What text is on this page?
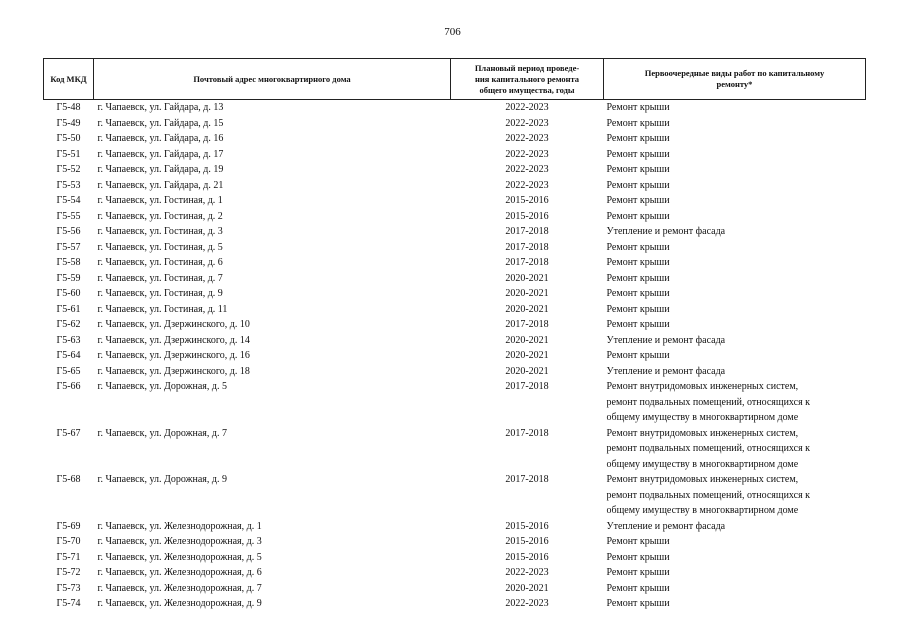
706
Код МКД	Почтовый адрес многоквартирного дома	Плановый период проведе-
ния капитального ремонта
общего имущества, годы	Первоочередные виды работ по капитальному
ремонту*

Г5-48	г. Чапаевск, ул. Гайдара, д. 13	2022-2023	Ремонт крыши

Г5-49	г. Чапаевск, ул. Гайдара, д. 15	2022-2023	Ремонт крыши

Г5-50	г. Чапаевск, ул. Гайдара, д. 16	2022-2023	Ремонт крыши

Г5-51	г. Чапаевск, ул. Гайдара, д. 17	2022-2023	Ремонт крыши

Г5-52	г. Чапаевск, ул. Гайдара, д. 19	2022-2023	Ремонт крыши

Г5-53	г. Чапаевск, ул. Гайдара, д. 21	2022-2023	Ремонт крыши

Г5-54	г. Чапаевск, ул. Гостиная, д. 1	2015-2016	Ремонт крыши

Г5-55	г. Чапаевск, ул. Гостиная, д. 2	2015-2016	Ремонт крыши

Г5-56	г. Чапаевск, ул. Гостиная, д. 3	2017-2018	Утепление и ремонт фасада

Г5-57	г. Чапаевск, ул. Гостиная, д. 5	2017-2018	Ремонт крыши

Г5-58	г. Чапаевск, ул. Гостиная, д. 6	2017-2018	Ремонт крыши

Г5-59	г. Чапаевск, ул. Гостиная, д. 7	2020-2021	Ремонт крыши

Г5-60	г. Чапаевск, ул. Гостиная, д. 9	2020-2021	Ремонт крыши

Г5-61	г. Чапаевск, ул. Гостиная, д. 11	2020-2021	Ремонт крыши

Г5-62	г. Чапаевск, ул. Дзержинского, д. 10	2017-2018	Ремонт крыши

Г5-63	г. Чапаевск, ул. Дзержинского, д. 14	2020-2021	Утепление и ремонт фасада

Г5-64	г. Чапаевск, ул. Дзержинского, д. 16	2020-2021	Ремонт крыши

Г5-65	г. Чапаевск, ул. Дзержинского, д. 18	2020-2021	Утепление и ремонт фасада

Г5-66	г. Чапаевск, ул. Дорожная, д. 5	2017-2018	Ремонт внутридомовых инженерных систем,
ремонт подвальных помещений, относящихся к
общему имуществу в многоквартирном доме

Г5-67	г. Чапаевск, ул. Дорожная, д. 7	2017-2018	Ремонт внутридомовых инженерных систем,
ремонт подвальных помещений, относящихся к
общему имуществу в многоквартирном доме

Г5-68	г. Чапаевск, ул. Дорожная, д. 9	2017-2018	Ремонт внутридомовых инженерных систем,
ремонт подвальных помещений, относящихся к
общему имуществу в многоквартирном доме

Г5-69	г. Чапаевск, ул. Железнодорожная, д. 1	2015-2016	Утепление и ремонт фасада

Г5-70	г. Чапаевск, ул. Железнодорожная, д. 3	2015-2016	Ремонт крыши

Г5-71	г. Чапаевск, ул. Железнодорожная, д. 5	2015-2016	Ремонт крыши

Г5-72	г. Чапаевск, ул. Железнодорожная, д. 6	2022-2023	Ремонт крыши

Г5-73	г. Чапаевск, ул. Железнодорожная, д. 7	2020-2021	Ремонт крыши

Г5-74	г. Чапаевск, ул. Железнодорожная, д. 9	2022-2023	Ремонт крыши
